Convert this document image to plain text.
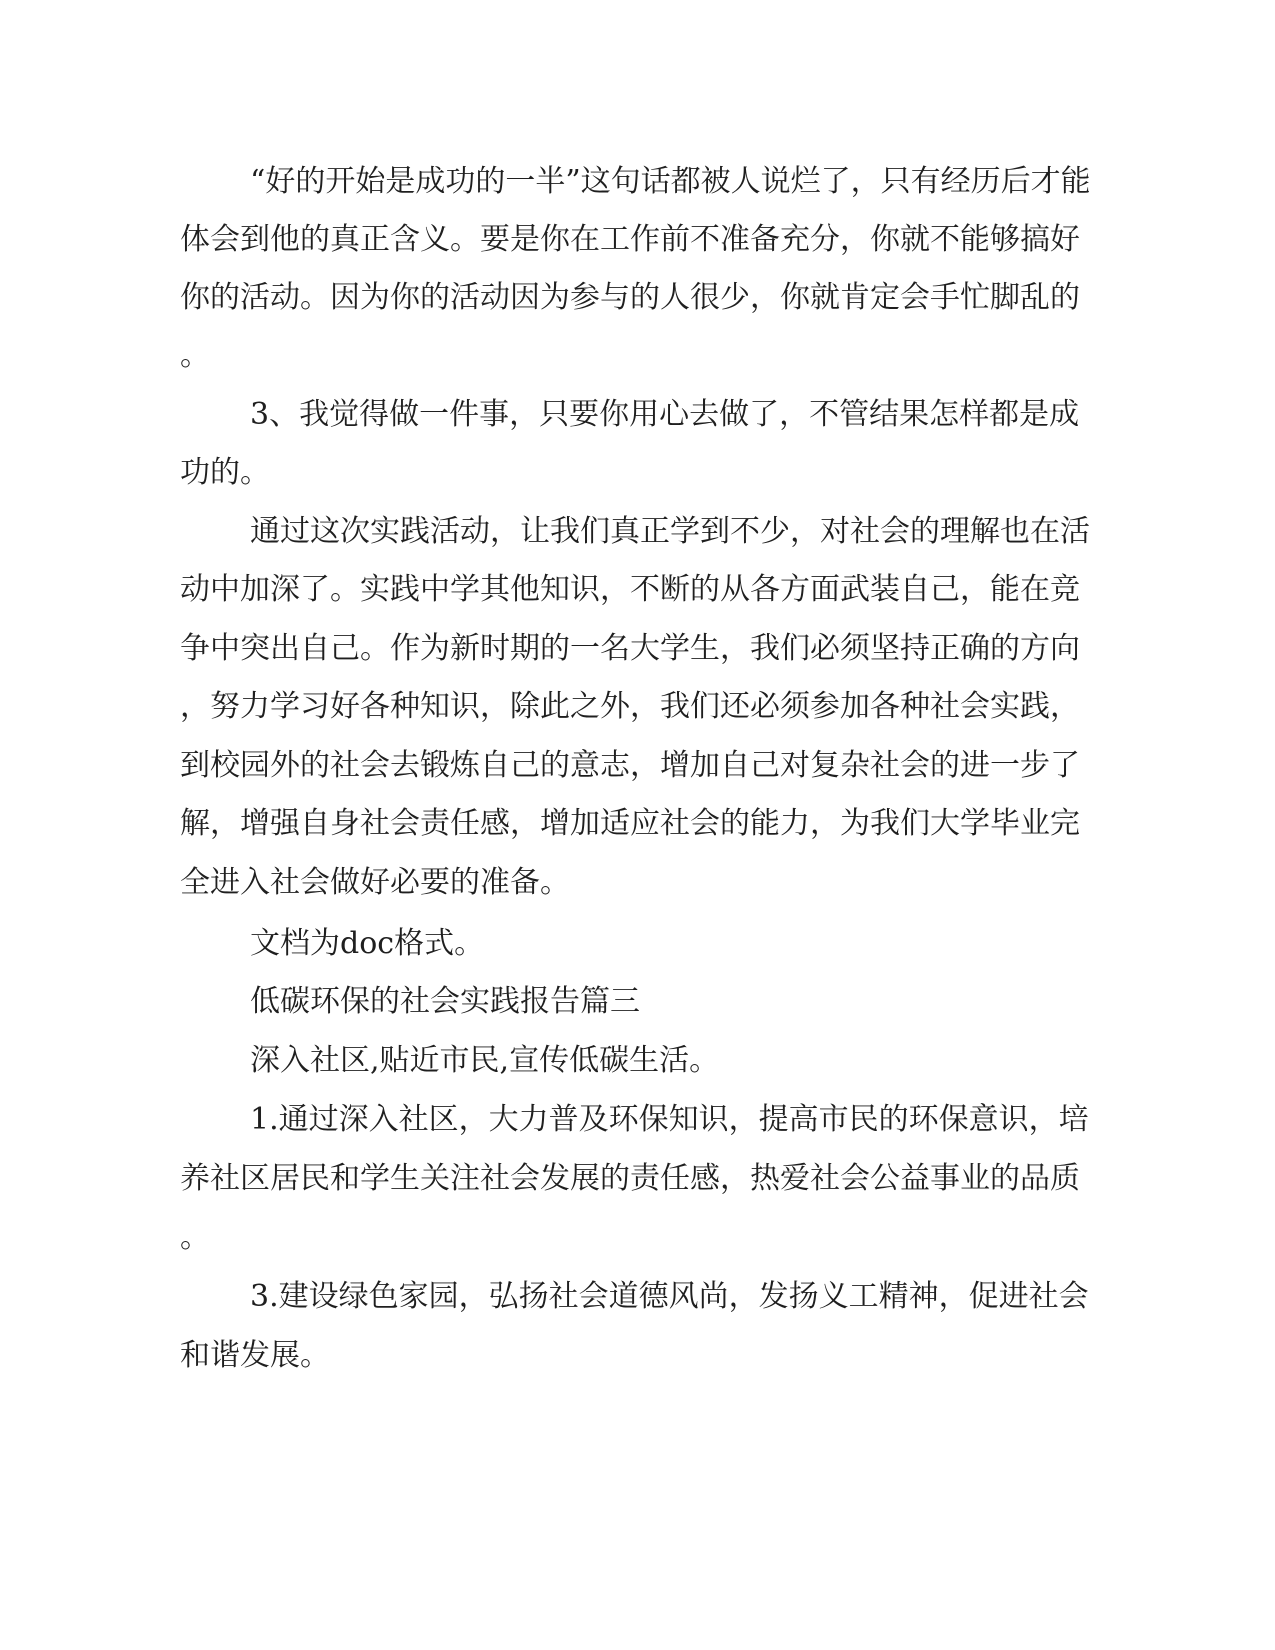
“好的开始是成功的一半”这句话都被人说烂了，只有经历后才能
体会到他的真正含义。要是你在工作前不准备充分，你就不能够搞好
你的活动。因为你的活动因为参与的人很少，你就肯定会手忙脚乱的
。
3、我觉得做一件事，只要你用心去做了，不管结果怎样都是成
功的。
通过这次实践活动，让我们真正学到不少，对社会的理解也在活
动中加深了。实践中学其他知识，不断的从各方面武装自己，能在竞
争中突出自己。作为新时期的一名大学生，我们必须坚持正确的方向
，努力学习好各种知识，除此之外，我们还必须参加各种社会实践，
到校园外的社会去锻炼自己的意志，增加自己对复杂社会的进一步了
解，增强自身社会责任感，增加适应社会的能力，为我们大学毕业完
全进入社会做好必要的准备。
文档为doc格式。
低碳环保的社会实践报告篇三
深入社区,贴近市民,宣传低碳生活。
1.通过深入社区，大力普及环保知识，提高市民的环保意识，培
养社区居民和学生关注社会发展的责任感，热爱社会公益事业的品质
。
3.建设绿色家园，弘扬社会道德风尚，发扬义工精神，促进社会
和谐发展。
